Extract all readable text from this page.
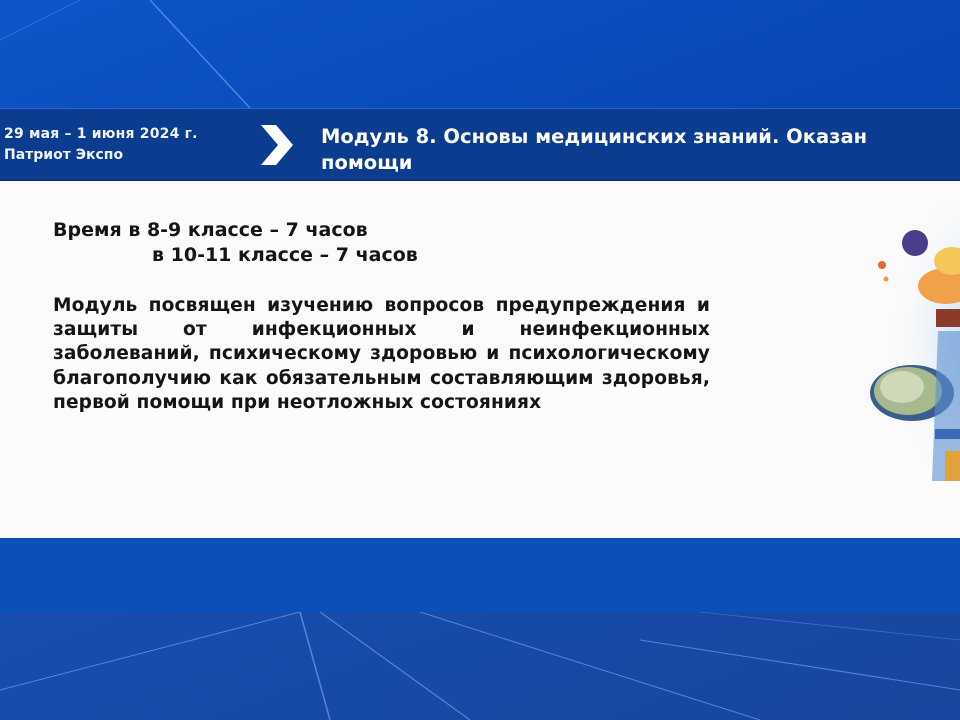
29 мая – 1 июня 2024 г.
Патриот Экспо
Модуль 8. Основы медицинских знаний. Оказан
помощи
Время в 8-9 классе – 7 часов
в 10-11 классе – 7 часов

Модуль посвящен изучению вопросов предупреждения и защиты от инфекционных и неинфекционных заболеваний, психическому здоровью и психологическому благополучию как обязательным составляющим здоровья, первой помощи при неотложных состояниях
